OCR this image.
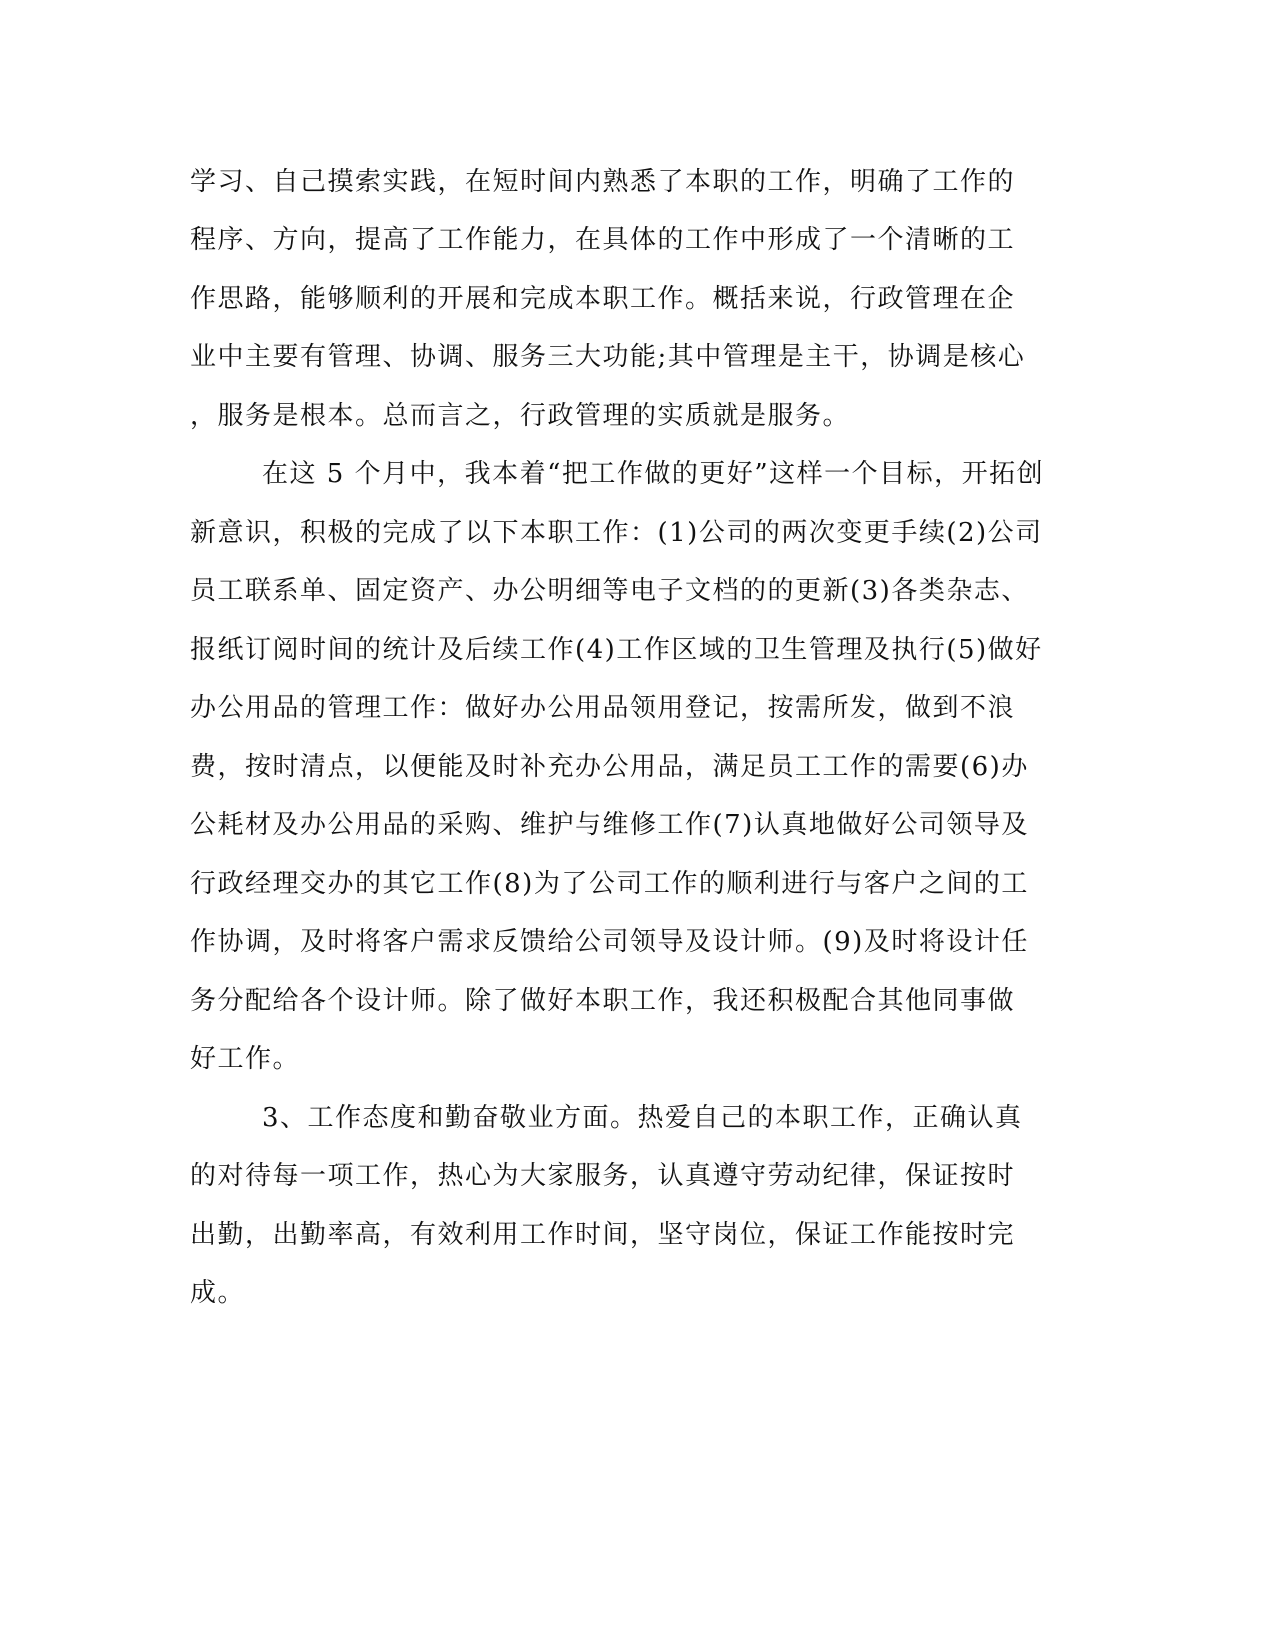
学习、自己摸索实践，在短时间内熟悉了本职的工作，明确了工作的
程序、方向，提高了工作能力，在具体的工作中形成了一个清晰的工
作思路，能够顺利的开展和完成本职工作。概括来说，行政管理在企
业中主要有管理、协调、服务三大功能;其中管理是主干，协调是核心
，服务是根本。总而言之，行政管理的实质就是服务。
在这 5 个月中，我本着“把工作做的更好”这样一个目标，开拓创
新意识，积极的完成了以下本职工作：(1)公司的两次变更手续(2)公司
员工联系单、固定资产、办公明细等电子文档的的更新(3)各类杂志、
报纸订阅时间的统计及后续工作(4)工作区域的卫生管理及执行(5)做好
办公用品的管理工作：做好办公用品领用登记，按需所发，做到不浪
费，按时清点，以便能及时补充办公用品，满足员工工作的需要(6)办
公耗材及办公用品的采购、维护与维修工作(7)认真地做好公司领导及
行政经理交办的其它工作(8)为了公司工作的顺利进行与客户之间的工
作协调，及时将客户需求反馈给公司领导及设计师。(9)及时将设计任
务分配给各个设计师。除了做好本职工作，我还积极配合其他同事做
好工作。
3、工作态度和勤奋敬业方面。热爱自己的本职工作，正确认真
的对待每一项工作，热心为大家服务，认真遵守劳动纪律，保证按时
出勤，出勤率高，有效利用工作时间，坚守岗位，保证工作能按时完
成。
